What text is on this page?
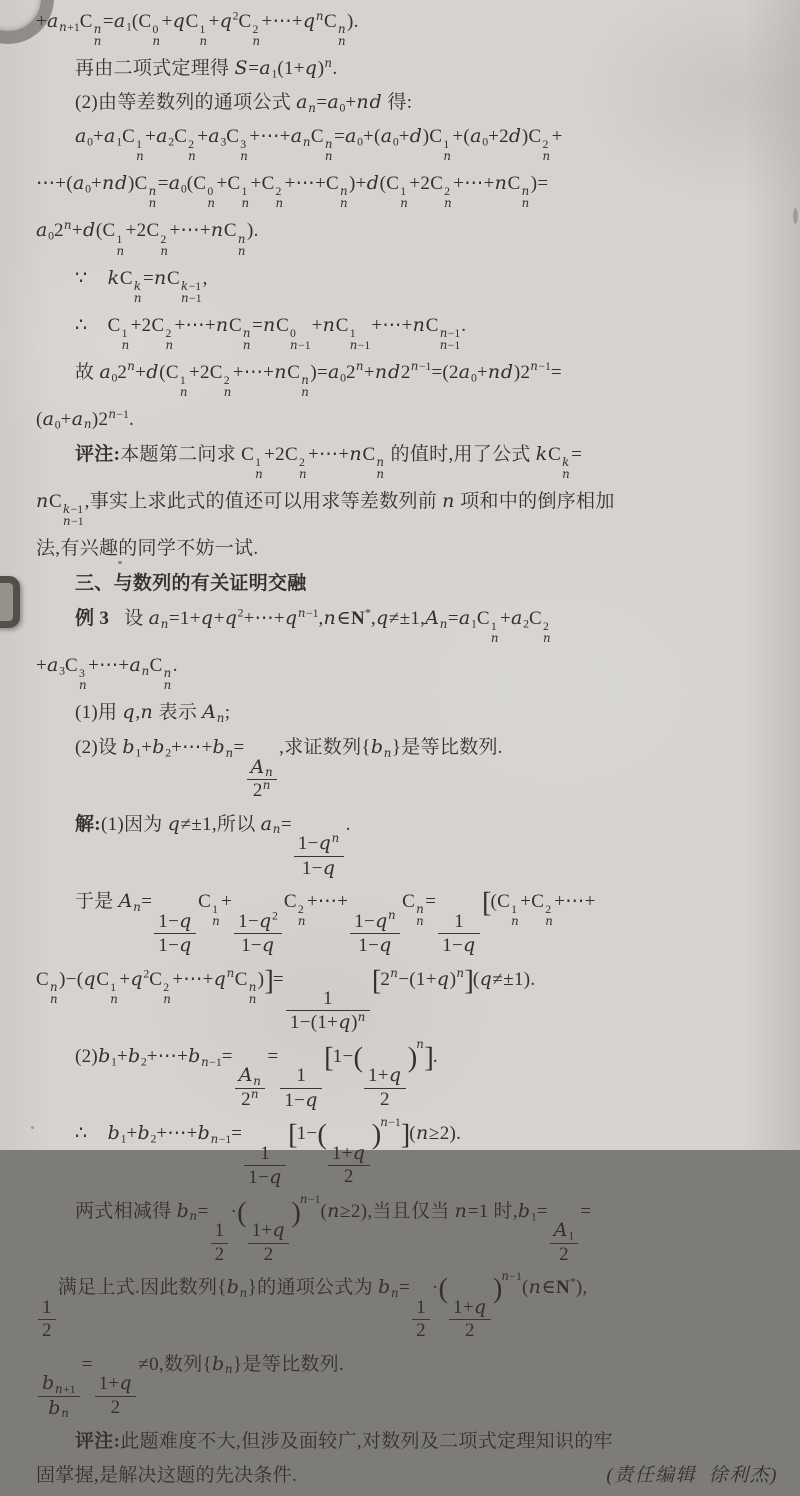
$+a_{n+1}C$ n
n
$=a_1(C$ 0
n
+qC 1
n
$+q^2C$ 2
n
$+\cdots+q^nC$ n
n
).
再由二项式定理得 $S=a_1(1+q)^n$.
(2)由等差数列的通项公式 $a_n=a_0+nd$ 得:
$a_0+a_1C$ 1
n
$+a_2C$ 2
n
$+a_3C$ 3
n
$+\cdots+a_nC$ n
n
$=a_0+(a_0+d)C$ 1
n
$+(a_0+2d)C$ 2
n
+
$\cdots+(a_0+nd)C$ n
n
$=a_0(C$ 0
n
+C 1
n
+C 2
n
+⋯+C n
n
)+d(C 1
n
+2C 2
n
+⋯+nC n
n
)=
$a_02^n+d(C$ 1
n
+2C 2
n
+⋯+nC n
n
).
∵    kC k
n
=nC k−1
n−1
,
∴    C 1
n
+2C 2
n
+⋯+nC n
n
=nC 0
n−1
+nC 1
n−1
+⋯+nC n−1
n−1
.
故 $a_02^n+d(C$ 1
n
+2C 2
n
+⋯+nC n
n
)$=a_02^n+nd2^{n-1}=(2a_0+nd)2^{n-1}=$
$(a_0+a_n)2^{n-1}$.
评注:本题第二问求 C 1
n
+2C 2
n
+⋯+nC n
n
的值时,用了公式 kC k
n
=
nC k−1
n−1
,事实上求此式的值还可以用求等差数列前 n 项和中的倒序相加
法,有兴趣的同学不妨一试.
三、与数列的有关证明交融
例 3   设 $a_n=1+q+q^2+\cdots+q^{n-1},n\in N^*,q\ne\pm 1,A_n=a_1C$ 1
n
$+a_2C$ 2
n
$+a_3C$ 3
n
$+\cdots+a_nC$ n
n
.
(1)用 q,n 表示 $A_n$;
(2)设 $b_1+b_2+\cdots+b_n=$
$\frac{A_n}{2^n}$
,求证数列$\{b_n\}$是等比数列.
解:(1)因为 q≠±1,所以 $a_n=$
$\frac{1-q^n}{1-q}$
.
于是 $A_n=$
$\frac{1-q}{1-q}$
C 1
n
+
$\frac{1-q^2}{1-q}$
C 2
n
+⋯+
$\frac{1-q^n}{1-q}$
C n
n
=
$\frac{1}{1-q}$
[(C 1
n
+C 2
n
+⋯+
C n
n
)−(qC 1
n
$+q^2C$ 2
n
$+\cdots+q^nC$ n
n
)]=
$\frac{1}{1-(1+q)^n}$
$[2^n-(1+q)^n](q\ne\pm 1)$.
$(2)b_1+b_2+\cdots+b_{n-1}=$
$\frac{A_n}{2^n}$
=
$\frac{1}{1-q}$
[1−(
$\frac{1+q}{2}$
)$^n$].
∴    $b_1+b_2+\cdots+b_{n-1}=$
$\frac{1}{1-q}$
[1−(
$\frac{1+q}{2}$
)$^{n-1}$](n≥2).
两式相减得 $b_n=$
$\frac{1}{2}$
·(
$\frac{1+q}{2}$
)$^{n-1}$(n≥2),当且仅当 n=1 时$,b_1=$
$\frac{A_1}{2}$
=
$\frac{1}{2}$
满足上式.因此数列$\{b_n\}$的通项公式为 $b_n=$
$\frac{1}{2}$
·(
$\frac{1+q}{2}$
)$^{n-1}$(n∈N*),
$\frac{b_{n+1}}{b_n}$
=
$\frac{1+q}{2}$
≠0,数列$\{b_n\}$是等比数列.
评注:此题难度不大,但涉及面较广,对数列及二项式定理知识的牢
(责任编辑  徐利杰)
固掌握,是解决这题的先决条件.
